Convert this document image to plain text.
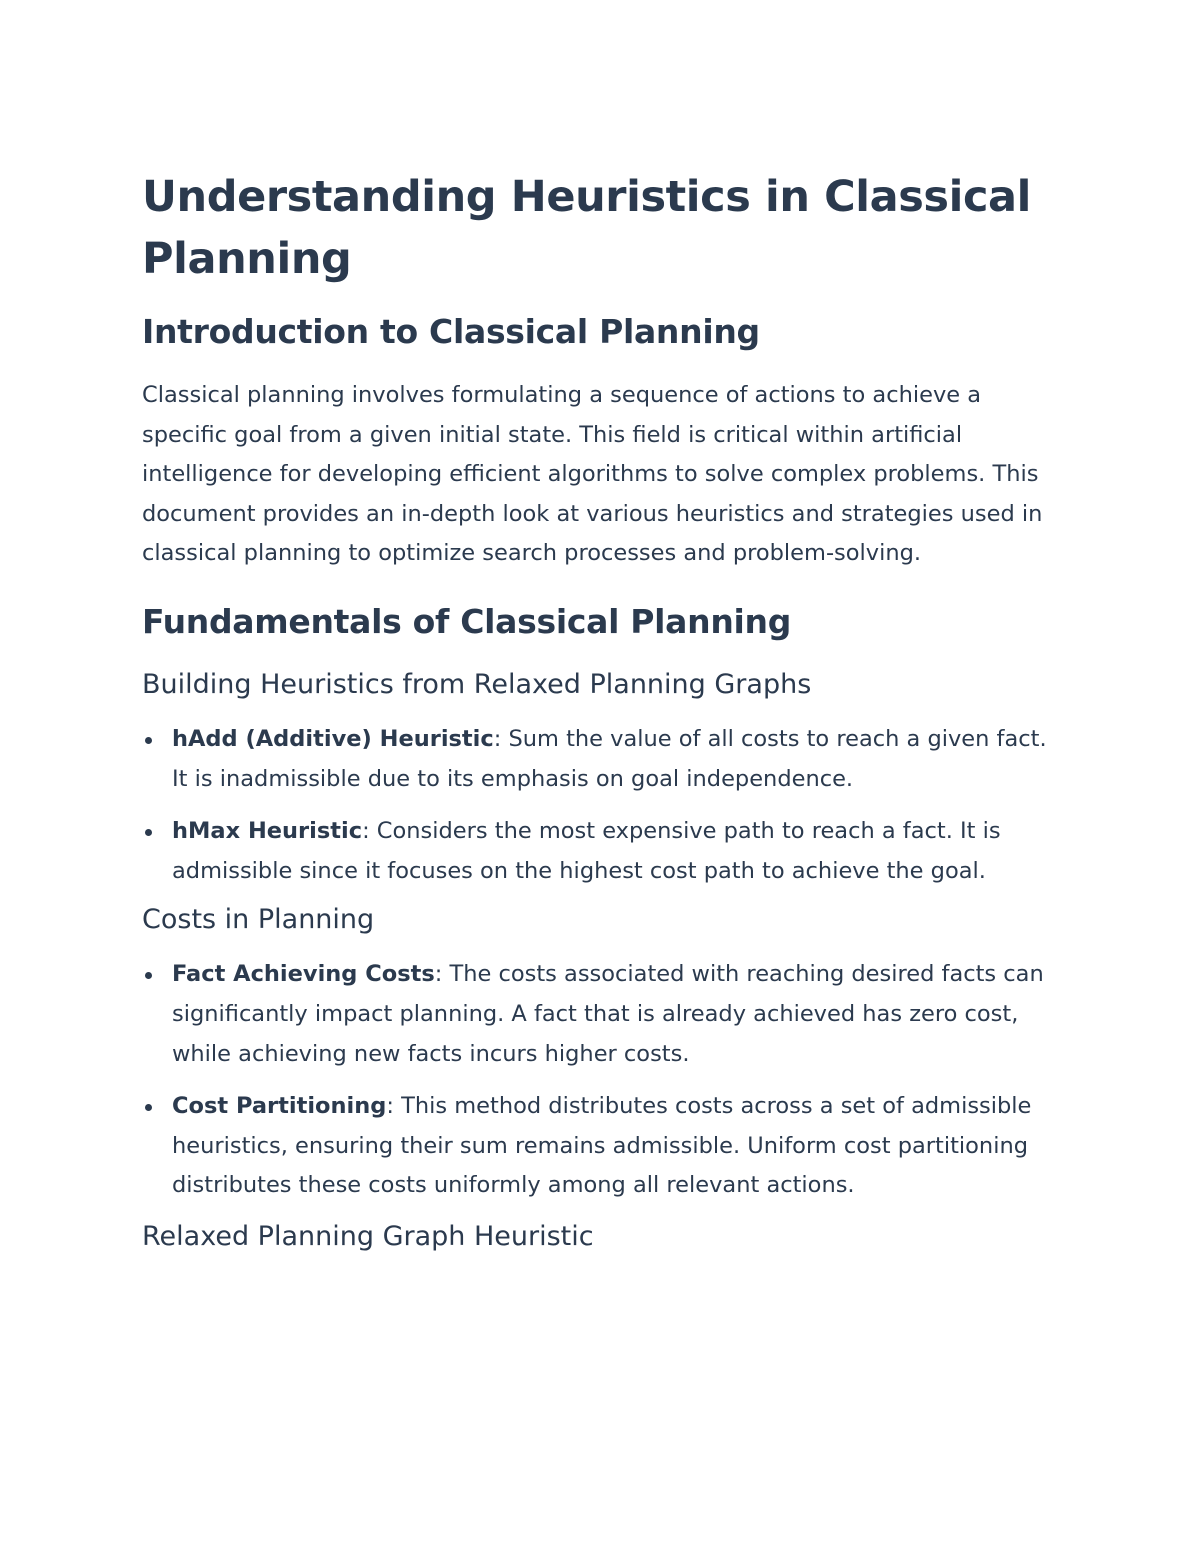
Understanding Heuristics in Classical Planning
Introduction to Classical Planning

Classical planning involves formulating a sequence of actions to achieve a specific goal from a given initial state. This field is critical within artificial intelligence for developing efficient algorithms to solve complex problems. This document provides an in-depth look at various heuristics and strategies used in classical planning to optimize search processes and problem-solving.

Fundamentals of Classical Planning
Building Heuristics from Relaxed Planning Graphs
hAdd (Additive) Heuristic: Sum the value of all costs to reach a given fact. It is inadmissible due to its emphasis on goal independence.
hMax Heuristic: Considers the most expensive path to reach a fact. It is admissible since it focuses on the highest cost path to achieve the goal.
Costs in Planning
Fact Achieving Costs: The costs associated with reaching desired facts can significantly impact planning. A fact that is already achieved has zero cost, while achieving new facts incurs higher costs.
Cost Partitioning: This method distributes costs across a set of admissible heuristics, ensuring their sum remains admissible. Uniform cost partitioning distributes these costs uniformly among all relevant actions.
Relaxed Planning Graph Heuristic
